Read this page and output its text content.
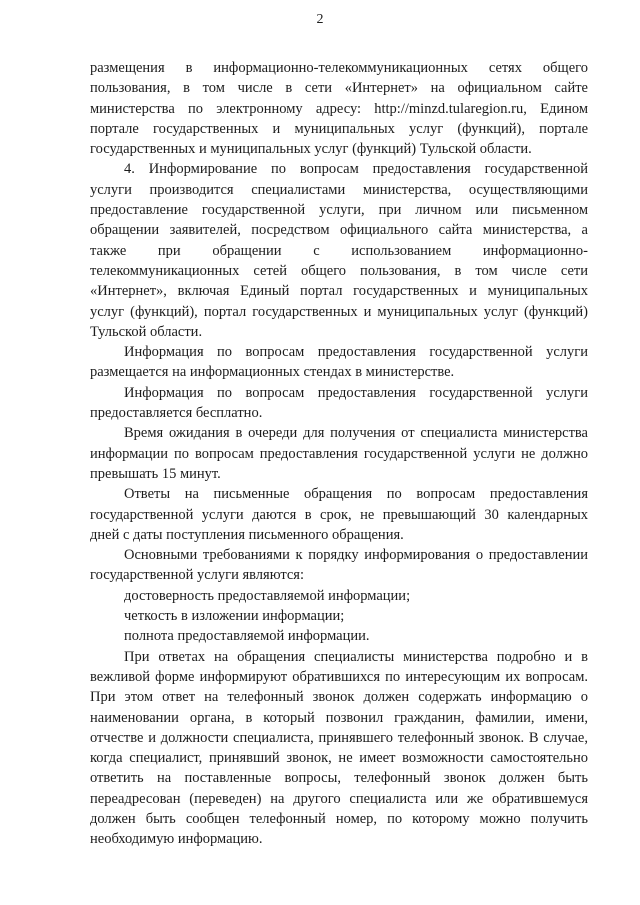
2
размещения в информационно-телекоммуникационных сетях общего
пользования, в том числе в сети «Интернет» на официальном сайте
министерства по электронному адресу: http://minzd.tularegion.ru, Едином
портале государственных и муниципальных услуг (функций), портале
государственных и муниципальных услуг (функций) Тульской области.
4. Информирование по вопросам предоставления государственной
услуги производится специалистами министерства, осуществляющими
предоставление государственной услуги, при личном или письменном
обращении заявителей, посредством официального сайта министерства, а
также при обращении с использованием информационно-
телекоммуникационных сетей общего пользования, в том числе сети
«Интернет», включая Единый портал государственных и муниципальных
услуг (функций), портал государственных и муниципальных услуг (функций)
Тульской области.
Информация по вопросам предоставления государственной услуги
размещается на информационных стендах в министерстве.
Информация по вопросам предоставления государственной услуги
предоставляется бесплатно.
Время ожидания в очереди для получения от специалиста министерства
информации по вопросам предоставления государственной услуги не должно
превышать 15 минут.
Ответы на письменные обращения по вопросам предоставления
государственной услуги даются в срок, не превышающий 30 календарных
дней с даты поступления письменного обращения.
Основными требованиями к порядку информирования о предоставлении
государственной услуги являются:
достоверность предоставляемой информации;
четкость в изложении информации;
полнота предоставляемой информации.
При ответах на обращения специалисты министерства подробно и в
вежливой форме информируют обратившихся по интересующим их вопросам.
При этом ответ на телефонный звонок должен содержать информацию о
наименовании органа, в который позвонил гражданин, фамилии, имени,
отчестве и должности специалиста, принявшего телефонный звонок. В случае,
когда специалист, принявший звонок, не имеет возможности самостоятельно
ответить на поставленные вопросы, телефонный звонок должен быть
переадресован (переведен) на другого специалиста или же обратившемуся
должен быть сообщен телефонный номер, по которому можно получить
необходимую информацию.
